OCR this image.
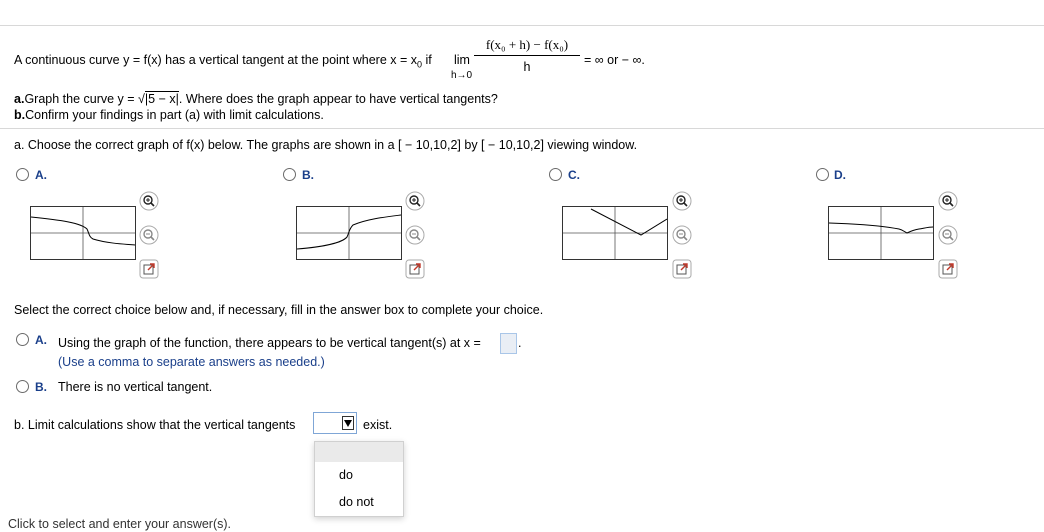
A continuous curve y = f(x) has a vertical tangent at the point where $x = x_0$ if lim
h→0
f(x₀ + h) − f(x₀)
h	= ∞ or − ∞.
a.Graph the curve y = √|5 − x|. Where does the graph appear to have vertical tangents?
b.Confirm your findings in part (a) with limit calculations.
a. Choose the correct graph of f(x) below. The graphs are shown in a [ − 10,10,2] by [ − 10,10,2] viewing window.
A.	B.	C.	D.
Select the correct choice below and, if necessary, fill in the answer box to complete your choice.
A. Using the graph of the function, there appears to be vertical tangent(s) at x =	.
(Use a comma to separate answers as needed.)
B. There is no vertical tangent.
b. Limit calculations show that the vertical tangents	exist.
do
do not
Click to select and enter your answer(s).
